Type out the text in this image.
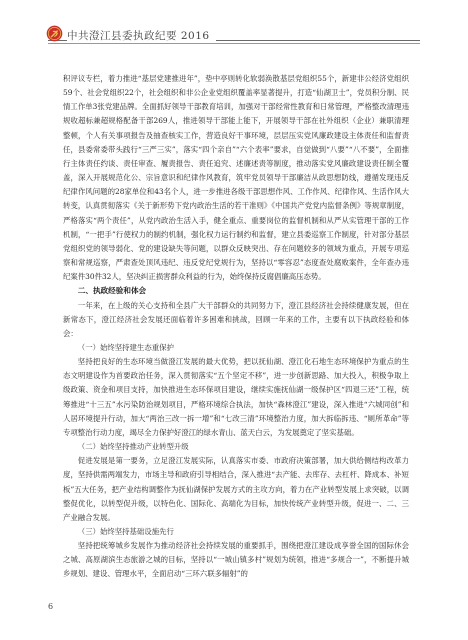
中共澄江县委执政纪要 2016

积评议专栏，着力推进“基层党建推进年”，垫中亭则转化软弱涣散基层党组织55个，新建非公经济党组织59个、社会党组织22个，社会组织和非公企业党组织覆盖率显著提升，打造“仙湖卫士”，党员积分制、民情工作单3张党建品牌。全面抓好领导干部教育培训，加强对干部经常性教育和日常管理，严格整改清理违规收超标兼超规格配备干部269人，推进领导干部能上能下，开展领导干部在社外组织（企业）兼职清理整顿，个人有关事项报告及抽查核实工作，营造良好干事环境，层层压实党风廉政建设主体责任和监督责任，县委常委带头践行“三严三实”，落实“四个亲自”“六个表率”要求，自觉做到“八要”“八不要”，全面推行主体责任约谈、责任审查、履责报告、责任追究、述廉述责等制度，推动落实党风廉政建设责任制全覆盖，深入开展规范化公、宗旨意识和纪律作风教育，筑牢党员领导干部廉洁从政思想防线，遵循发现违反纪律作风问题的28家单位和43名个人，进一步推进各级干部思想作风、工作作风、纪律作风、生活作风大转变，认真贯彻落实《关于新形势下党内政治生活的若干准则》《中国共产党党内监督条例》等规章制度，严格落实“两个责任”，从党内政治生活入手，健全重点、重要岗位的监督机制和从严从实管理干部的工作机制，“一把手”行使权力的制约机制，强化权力运行制约和监督，建立县委巡察工作制度，针对部分基层党组织党的领导弱化、党的建设缺失等问题，以群众反映突出、存在问题较多的领域为重点，开展专项巡察和常规巡察，严肃查处顶风违纪、违反党纪党规行为，坚持以“零容忍”态度查处腐败案件，全年查办违纪案件30件32人，坚决纠正损害群众利益的行为，始终保持反腐倡廉高压态势。

二、执政经验和体会

一年来，在上级的关心支持和全县广大干部群众的共同努力下，澄江县经济社会持续健康发展，但在新常态下，澄江经济社会发展还面临着许多困难和挑战，回顾一年来的工作，主要有以下执政经验和体会：

（一）始终坚持建生态重保护

坚持把良好的生态环境当做澄江发展的最大优势，把以抚仙湖、澄江化石地生态环境保护为重点的生态文明建设作为首要政治任务，深入贯彻落实“五个坚定不移”，进一步创新思路、加大投入，积极争取上级政策、资金和项目支持，加快推进生态环保项目建设，继续实施抚仙湖一级保护区“四退三还”工程，统筹推进“十三五”水污染防治规划项目，严格环境综合执法，加快“森林澄江”建设，深入推进“六城同创”和人居环境提升行动，加大“两治三改一拆一增”和“七改三清”环境整治力度，加大拆临拆违、“厕所革命”等专项整治行动力度，竭尽全力保护好澄江的绿水青山、蓝天白云，为发展奠定了坚实基础。

（二）始终坚持推动产业转型升级

促进发展是第一要务，立足澄江发展实际，认真落实市委、市政府决策部署，加大供给侧结构改革力度，坚持供需两端发力，市场主导和政府引导相结合，深入推进“去产能、去库存、去杠杆、降成本、补短板”五大任务，把产业结构调整作为抚仙湖保护发展方式的主攻方向，着力在产业转型发展上求突破，以调整促优化，以转型促升级，以特色化、国际化、高端化为目标，加快传统产业转型升级，促进一、二、三产业融合发展。

（三）始终坚持基础设施先行

坚持把统筹城乡发展作为推动经济社会持续发展的重要抓手，围绕把澄江建设成享誉全国的国际休会之城、高原湖滨生态旅游之城的目标，坚持以“一城山镇多村”规划为统领，推进“多规合一”，不断提升城乡规划、建设、管理水平，全面启动“三环六联多辐射”的

6
